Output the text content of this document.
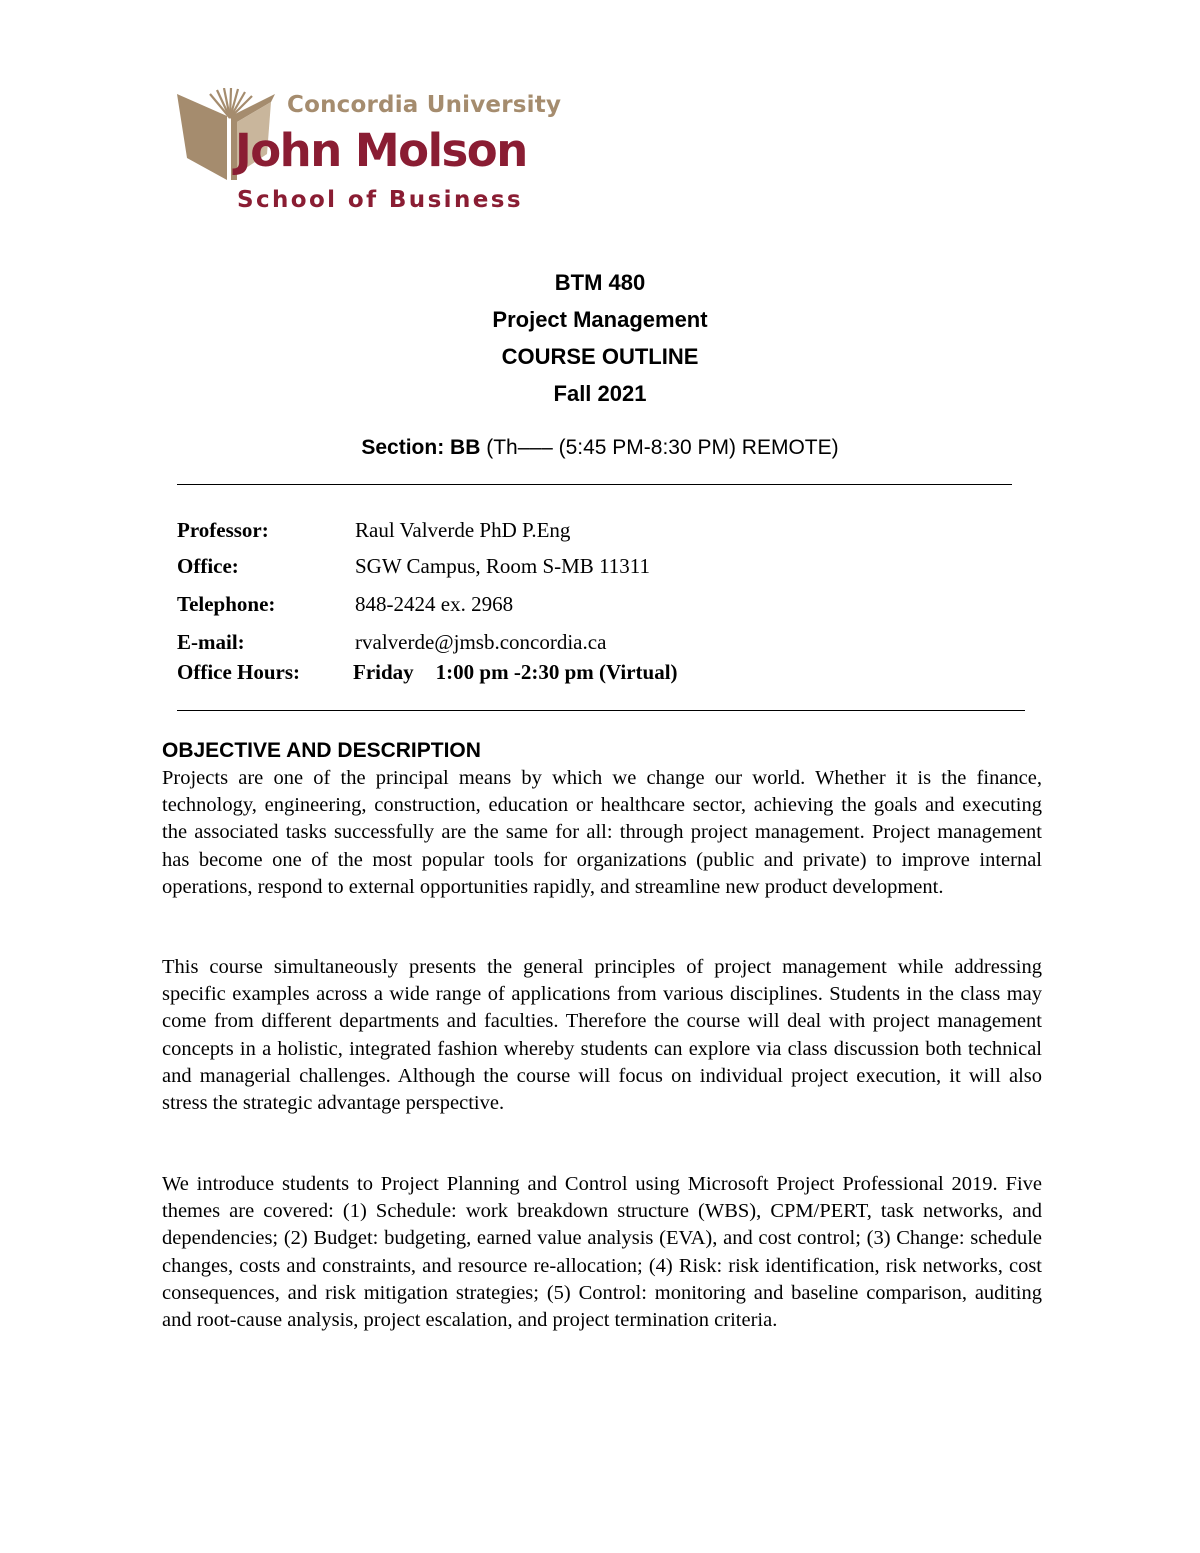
Concordia University
John Molson
School of Business
BTM 480
Project Management
COURSE OUTLINE
Fall 2021
Section: BB (Th––– (5:45 PM-8:30 PM) REMOTE)
Professor:	Raul Valverde PhD P.Eng
Office:	SGW Campus, Room S-MB 11311
Telephone:	848-2424 ex. 2968
E-mail:	rvalverde@jmsb.concordia.ca
Office Hours:	Friday 1:00 pm -2:30 pm (Virtual)
OBJECTIVE AND DESCRIPTION
Projects are one of the principal means by which we change our world. Whether it is the finance, technology, engineering, construction, education or healthcare sector, achieving the goals and executing the associated tasks successfully are the same for all: through project management. Project management has become one of the most popular tools for organizations (public and private) to improve internal operations, respond to external opportunities rapidly, and streamline new product development.
This course simultaneously presents the general principles of project management while addressing specific examples across a wide range of applications from various disciplines. Students in the class may come from different departments and faculties. Therefore the course will deal with project management concepts in a holistic, integrated fashion whereby students can explore via class discussion both technical and managerial challenges. Although the course will focus on individual project execution, it will also stress the strategic advantage perspective.
We introduce students to Project Planning and Control using Microsoft Project Professional 2019. Five themes are covered: (1) Schedule: work breakdown structure (WBS), CPM/PERT, task networks, and dependencies; (2) Budget: budgeting, earned value analysis (EVA), and cost control; (3) Change: schedule changes, costs and constraints, and resource re-allocation; (4) Risk: risk identification, risk networks, cost consequences, and risk mitigation strategies; (5) Control: monitoring and baseline comparison, auditing and root-cause analysis, project escalation, and project termination criteria.
